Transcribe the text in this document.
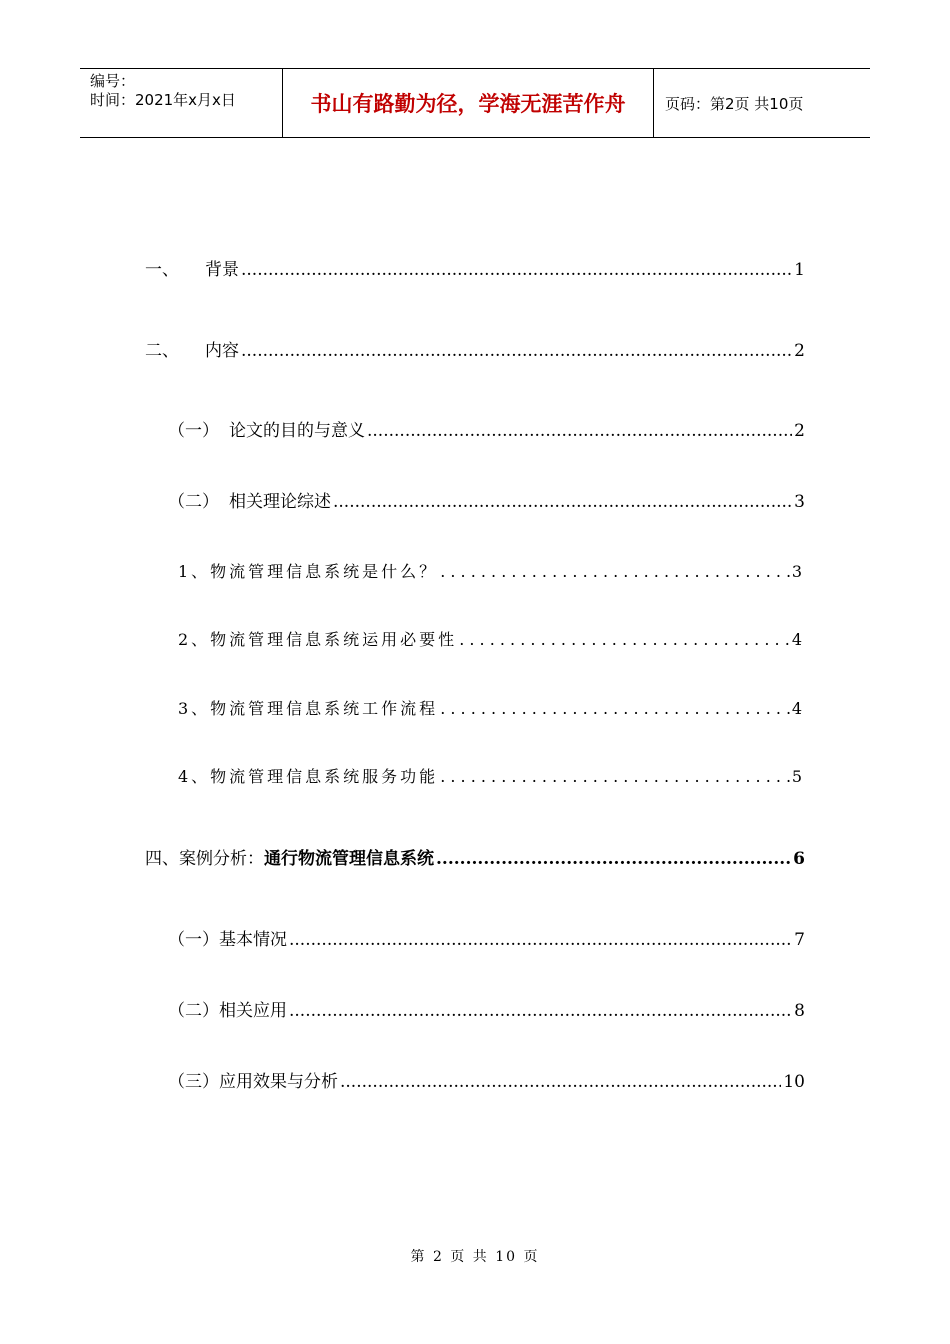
编号：
时间：2021年x月x日	书山有路勤为径，学海无涯苦作舟	页码：第2页 共10页
一、 背景 .....	1
二、 内容 .....	2
（一） 论文的目的与意义 .....	2
（二） 相关理论综述 .....	3
1、物流管理信息系统是什么？ . . .	3
2、物流管理信息系统运用必要性 . . .	4
3、物流管理信息系统工作流程 . . .	4
4、物流管理信息系统服务功能 . . .	5
四、案例分析： 通行物流管理信息系统 .....	6
（一）基本情况 .....	7
（二）相关应用 .....	8
（三）应用效果与分析 .....	10
第 2 页 共 10 页
